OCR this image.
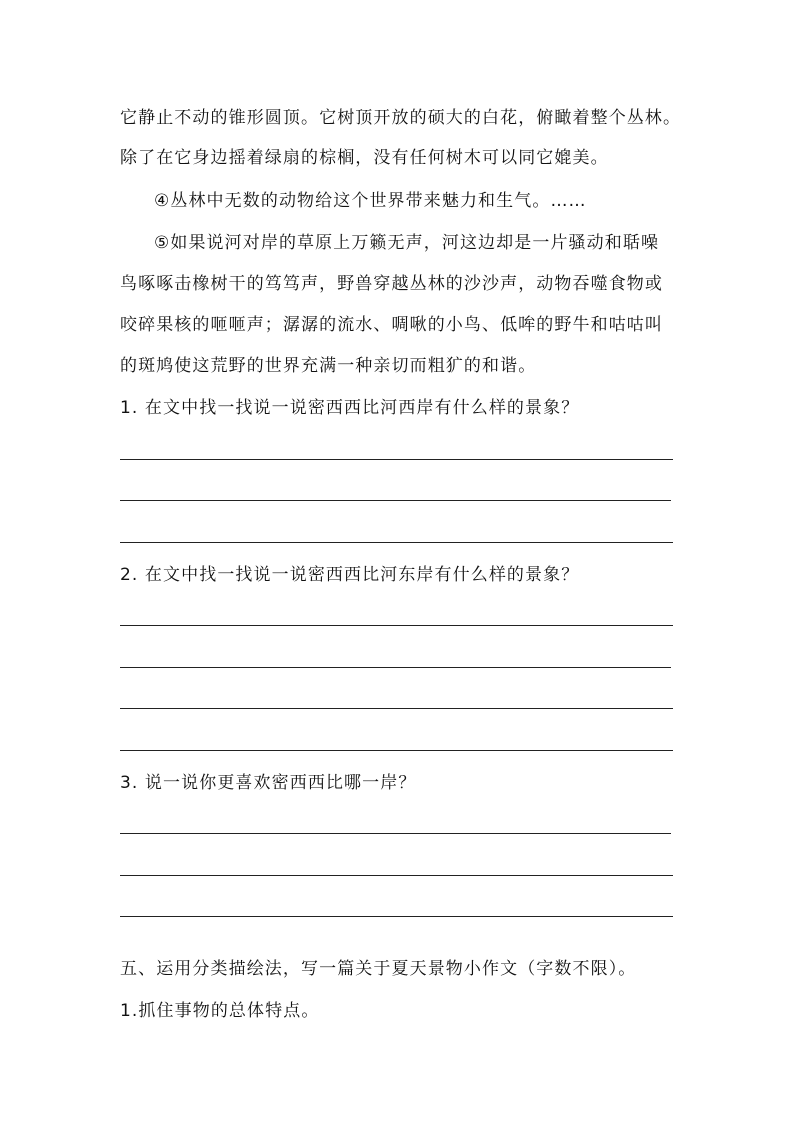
它静止不动的锥形圆顶。它树顶开放的硕大的白花，俯瞰着整个丛林。
除了在它身边摇着绿扇的棕榈，没有任何树木可以同它媲美。
④丛林中无数的动物给这个世界带来魅力和生气。……
⑤如果说河对岸的草原上万籁无声，河这边却是一片骚动和聒噪
鸟啄啄击橡树干的笃笃声，野兽穿越丛林的沙沙声，动物吞噬食物或
咬碎果核的咂咂声；潺潺的流水、啁啾的小鸟、低哞的野牛和咕咕叫
的斑鸠使这荒野的世界充满一种亲切而粗犷的和谐。
1. 在文中找一找说一说密西西比河西岸有什么样的景象？
2. 在文中找一找说一说密西西比河东岸有什么样的景象？
3. 说一说你更喜欢密西西比哪一岸？
五、运用分类描绘法，写一篇关于夏天景物小作文（字数不限）。
1.抓住事物的总体特点。
